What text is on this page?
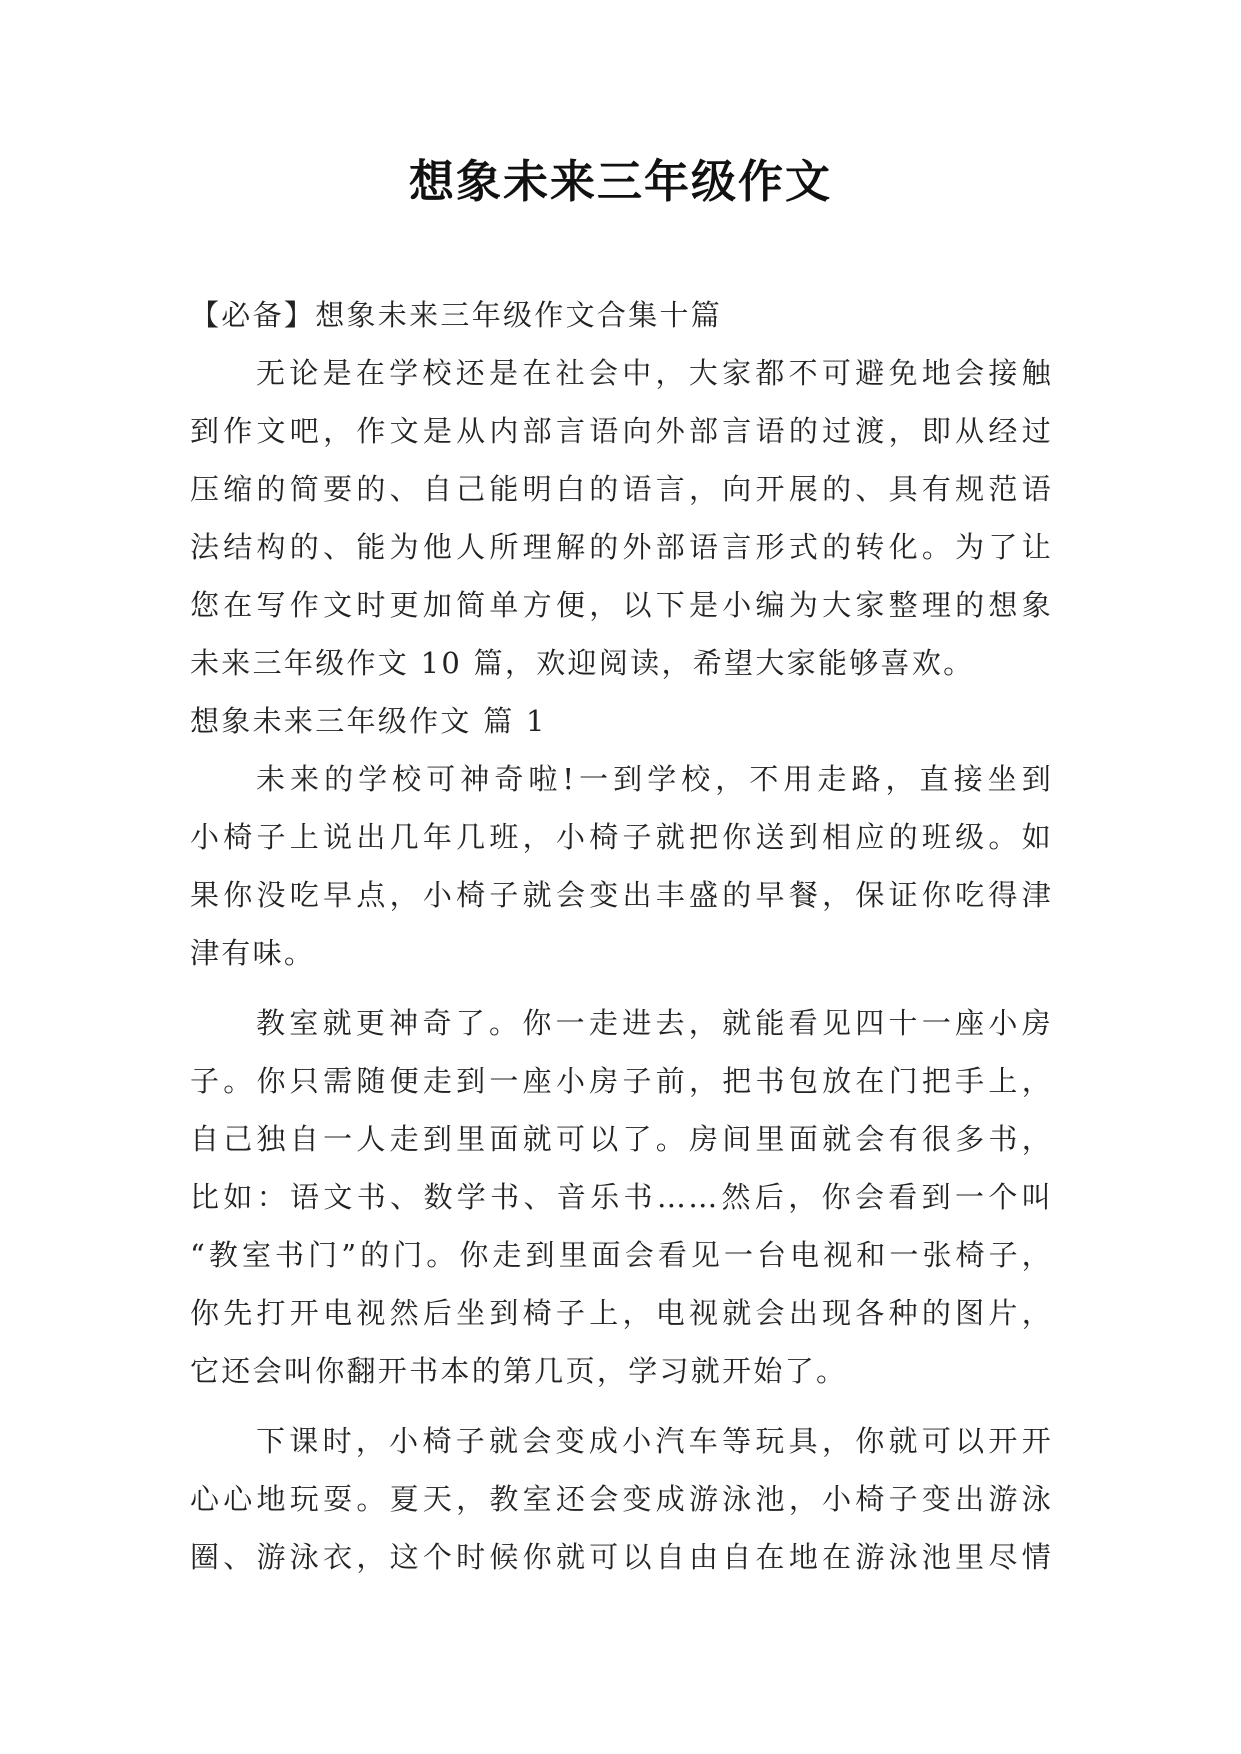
想象未来三年级作文
【必备】想象未来三年级作文合集十篇
无论是在学校还是在社会中，大家都不可避免地会接触
到作文吧，作文是从内部言语向外部言语的过渡，即从经过
压缩的简要的、自己能明白的语言，向开展的、具有规范语
法结构的、能为他人所理解的外部语言形式的转化。为了让
您在写作文时更加简单方便，以下是小编为大家整理的想象
未来三年级作文 10 篇，欢迎阅读，希望大家能够喜欢。
想象未来三年级作文 篇 1
未来的学校可神奇啦!一到学校，不用走路，直接坐到
小椅子上说出几年几班，小椅子就把你送到相应的班级。如
果你没吃早点，小椅子就会变出丰盛的早餐，保证你吃得津
津有味。
教室就更神奇了。你一走进去，就能看见四十一座小房
子。你只需随便走到一座小房子前，把书包放在门把手上，
自己独自一人走到里面就可以了。房间里面就会有很多书，
比如：语文书、数学书、音乐书……然后，你会看到一个叫
“教室书门”的门。你走到里面会看见一台电视和一张椅子，
你先打开电视然后坐到椅子上，电视就会出现各种的图片，
它还会叫你翻开书本的第几页，学习就开始了。
下课时，小椅子就会变成小汽车等玩具，你就可以开开
心心地玩耍。夏天，教室还会变成游泳池，小椅子变出游泳
圈、游泳衣，这个时候你就可以自由自在地在游泳池里尽情
